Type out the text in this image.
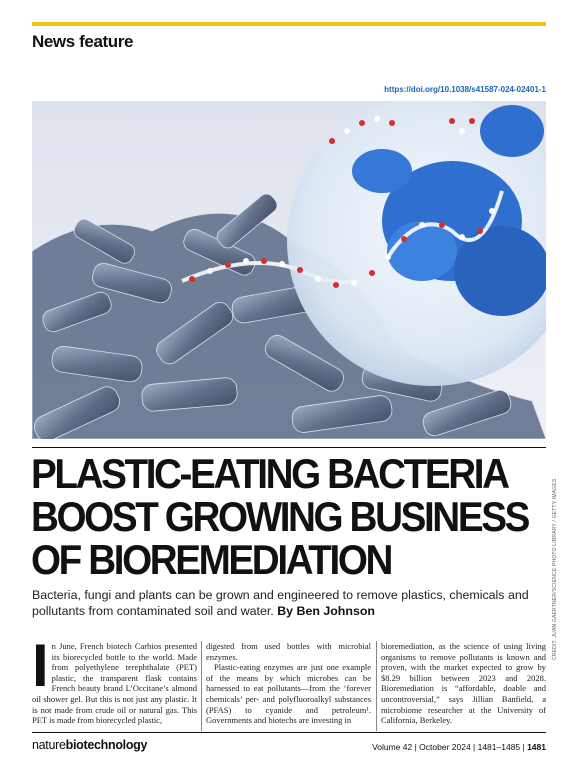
News feature
https://doi.org/10.1038/s41587-024-02401-1
CREDIT: JUAN GAERTNER/SCIENCE PHOTO LIBRARY / GETTY IMAGES
PLASTIC-EATING BACTERIA
BOOST GROWING BUSINESS
OF BIOREMEDIATION

Bacteria, fungi and plants can be grown and engineered to remove plastics, chemicals and pollutants from contaminated soil and water. By Ben Johnson

I n June, French biotech Carbios presented its biorecycled bottle to the world. Made from polyethylene terephthalate (PET) plastic, the transparent flask contains French beauty brand L’Occitane’s almond oil shower gel. But this is not just any plastic. It is not made from crude oil or natural gas. This PET is made from biorecycled plastic,

digested from used bottles with microbial enzymes.

Plastic-eating enzymes are just one example of the means by which microbes can be harnessed to eat pollutants—from the ‘forever chemicals’ per- and polyfluoroalkyl substances (PFAS) to cyanide and petroleum¹. Governments and biotechs are investing in

bioremediation, as the science of using living organisms to remove pollutants is known and proven, with the market expected to grow by $8.29 billion between 2023 and 2028. Bioremediation is “affordable, doable and uncontroversial,” says Jillian Banfield, a microbiome researcher at the University of California, Berkeley.

naturebiotechnology	Volume 42 | October 2024 | 1481–1485 | 1481
